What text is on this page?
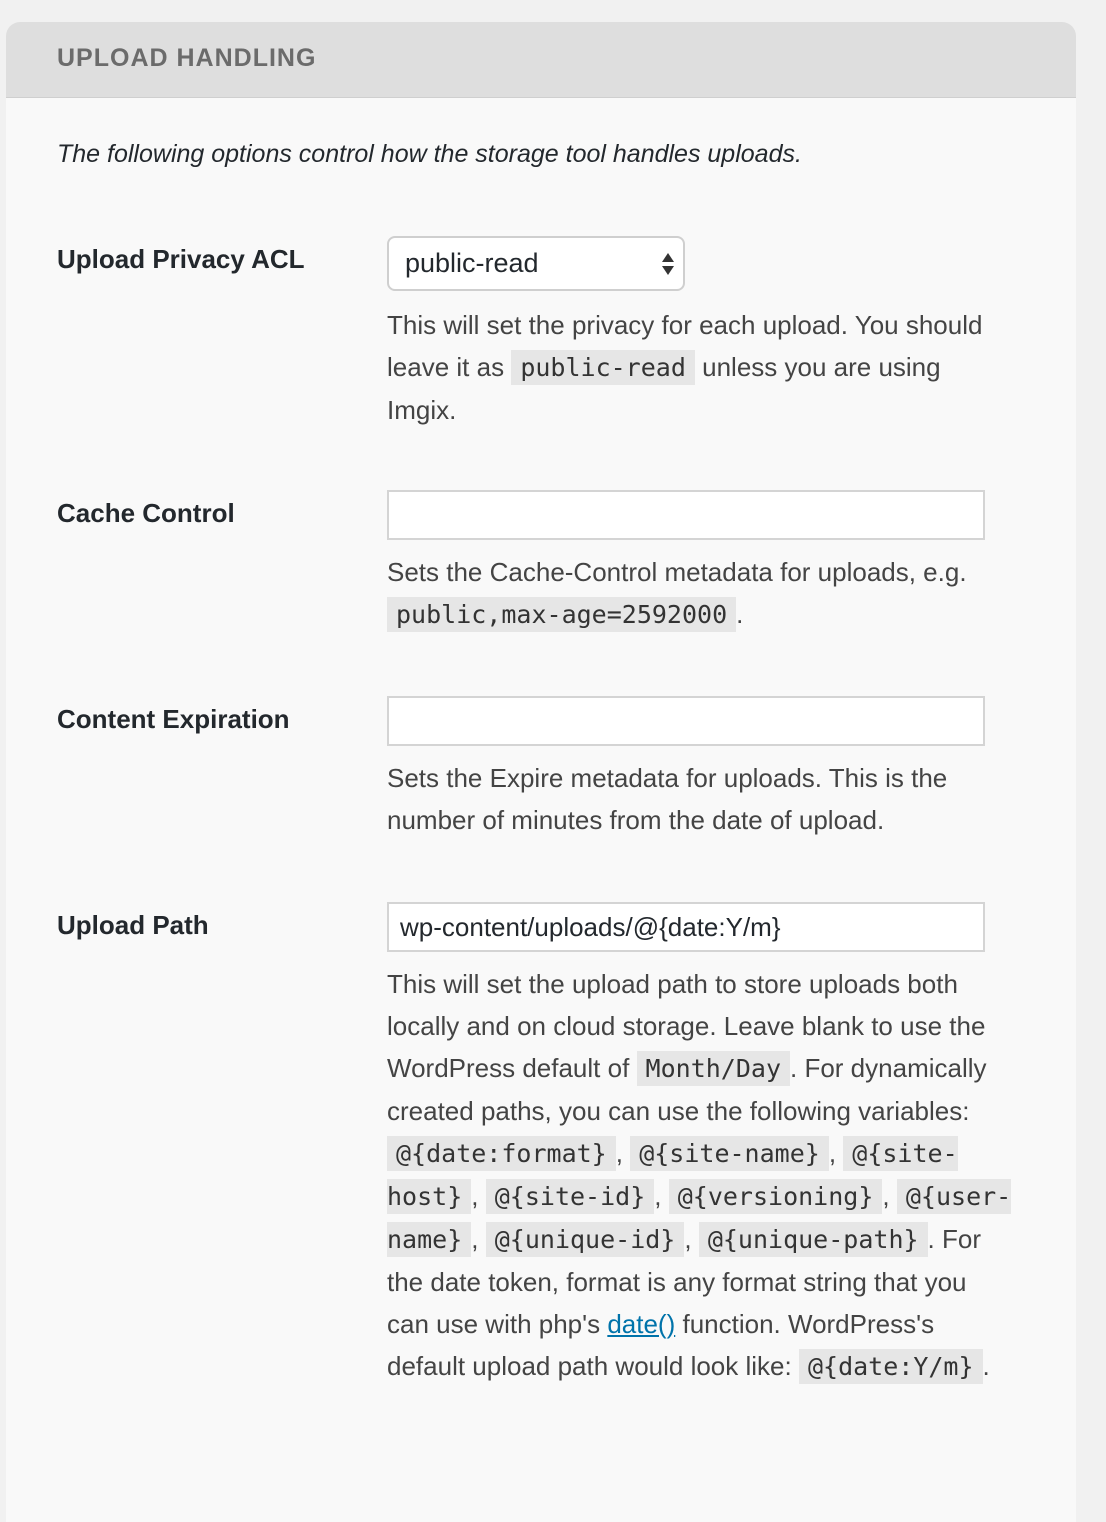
UPLOAD HANDLING

The following options control how the storage tool handles uploads.

Upload Privacy ACL	public-read

This will set the privacy for each upload. You should leave it as public-read unless you are using Imgix.

Cache Control

Sets the Cache-Control metadata for uploads, e.g. public,max-age=2592000 .

Content Expiration

Sets the Expire metadata for uploads. This is the number of minutes from the date of upload.

Upload Path	wp-content/uploads/@{date:Y/m}

This will set the upload path to store uploads both locally and on cloud storage. Leave blank to use the WordPress default of Month/Day . For dynamically created paths, you can use the following variables: @{date:format} , @{site-name} , @{site-host} , @{site-id} , @{versioning} , @{user-name} , @{unique-id} , @{unique-path} . For the date token, format is any format string that you can use with php's date() function. WordPress's default upload path would look like: @{date:Y/m} .
